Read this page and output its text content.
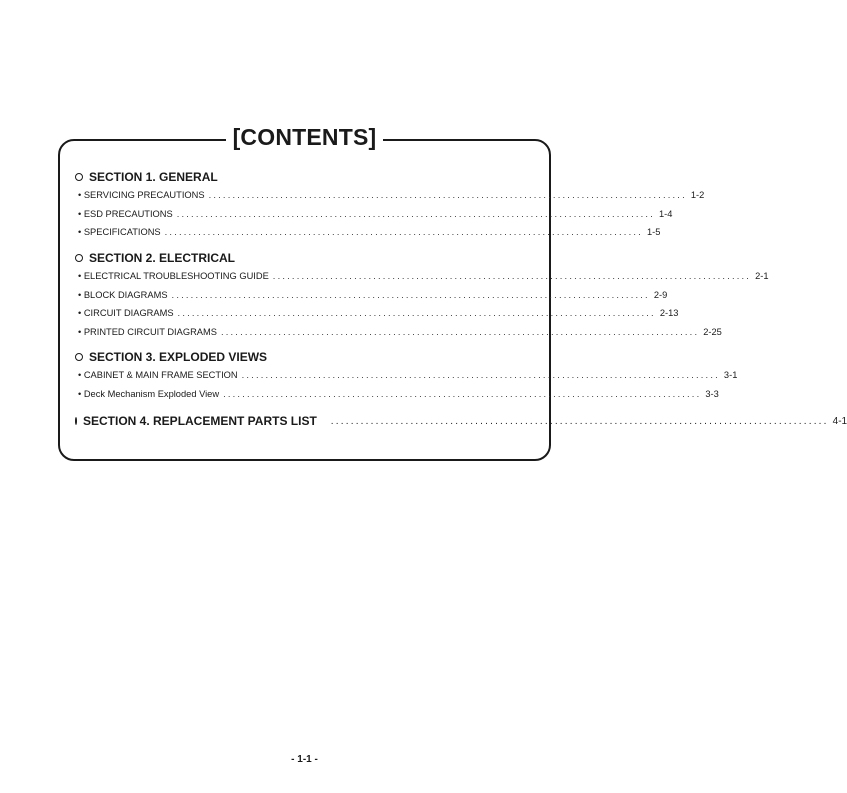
[CONTENTS]
SECTION 1. GENERAL
• SERVICING PRECAUTIONS .................................................................................................... 1-2
• ESD PRECAUTIONS .................................................................................................... 1-4
• SPECIFICATIONS .................................................................................................... 1-5
SECTION 2. ELECTRICAL
• ELECTRICAL TROUBLESHOOTING GUIDE .................................................................................................... 2-1
• BLOCK DIAGRAMS .................................................................................................... 2-9
• CIRCUIT DIAGRAMS .................................................................................................... 2-13
• PRINTED CIRCUIT DIAGRAMS .................................................................................................... 2-25
SECTION 3. EXPLODED VIEWS
• CABINET & MAIN FRAME SECTION .................................................................................................... 3-1
• Deck Mechanism Exploded View .................................................................................................... 3-3
SECTION 4. REPLACEMENT PARTS LIST .................................................................................................... 4-1
- 1-1 -
